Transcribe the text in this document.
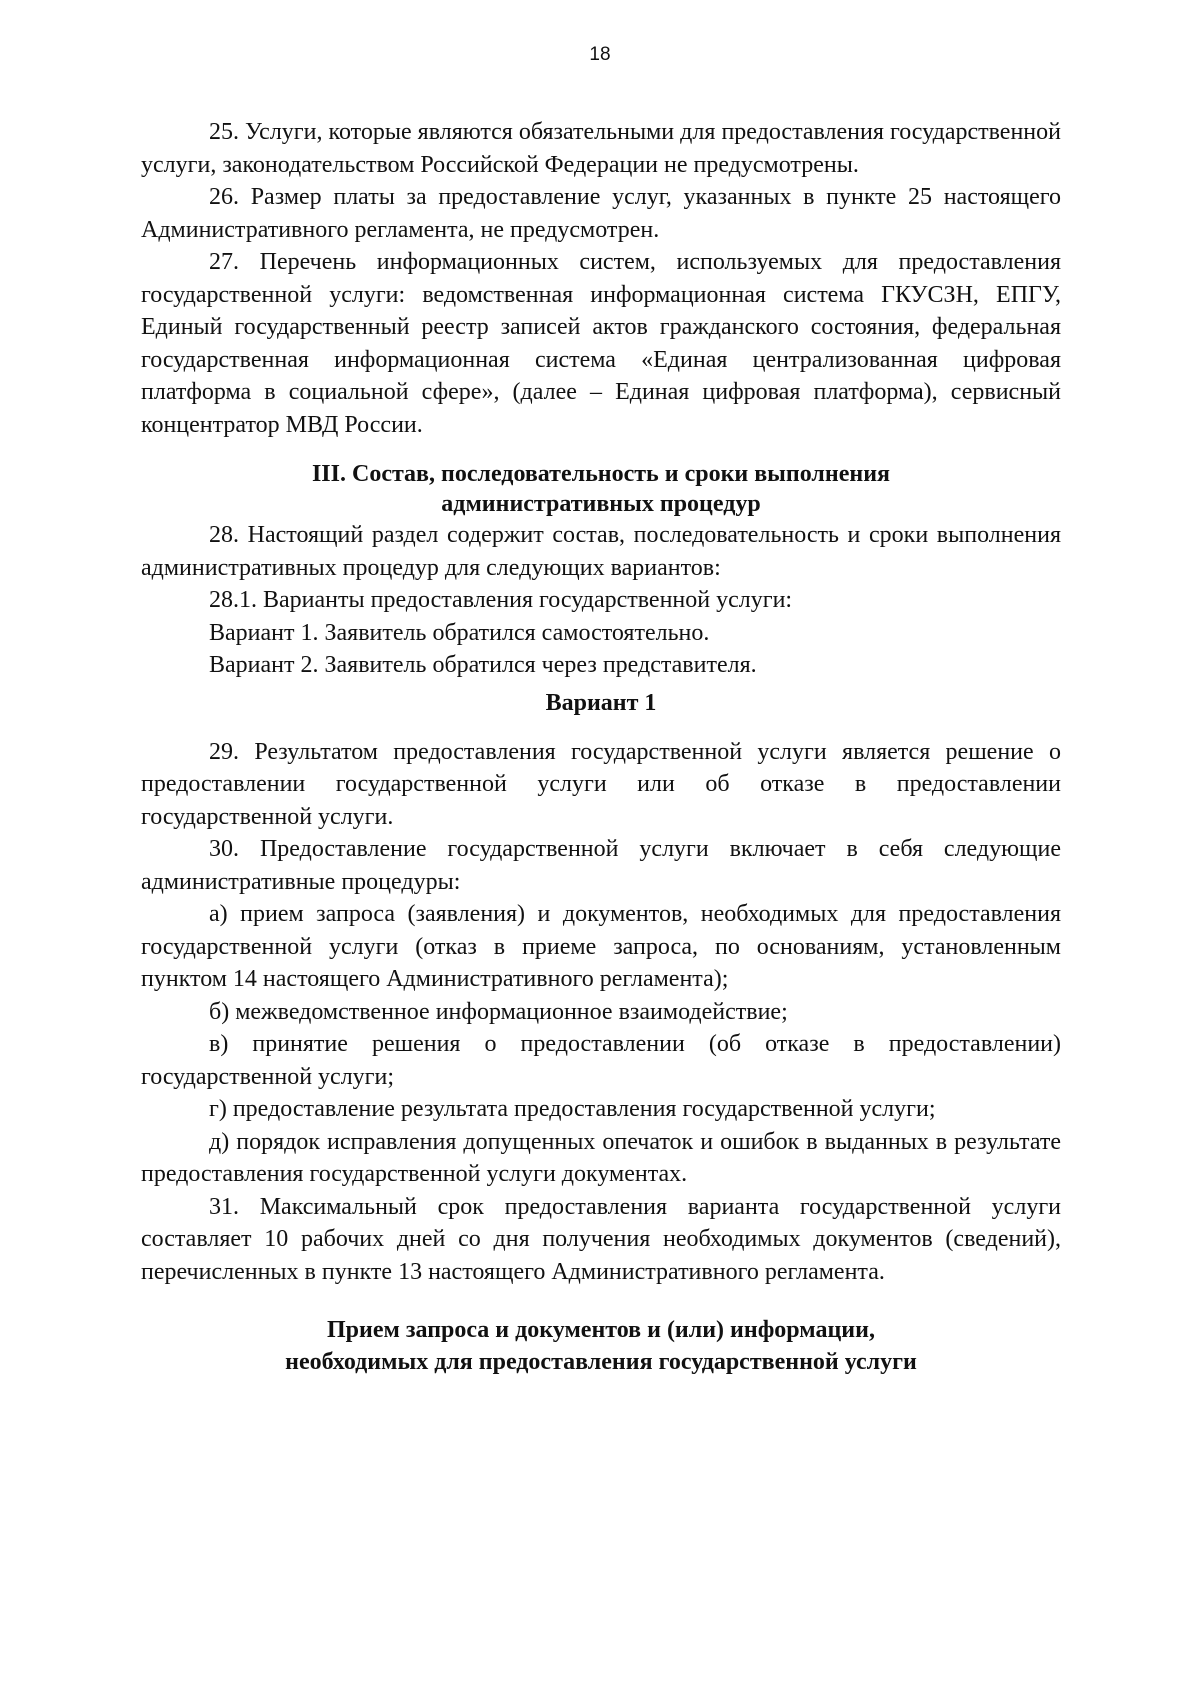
18

25. Услуги, которые являются обязательными для предоставления государственной услуги, законодательством Российской Федерации не предусмотрены.

26. Размер платы за предоставление услуг, указанных в пункте 25 настоящего Административного регламента, не предусмотрен.

27. Перечень информационных систем, используемых для предоставления государственной услуги: ведомственная информационная система ГКУСЗН, ЕПГУ, Единый государственный реестр записей актов гражданского состояния, федеральная государственная информационная система «Единая централизованная цифровая платформа в социальной сфере», (далее – Единая цифровая платформа), сервисный концентратор МВД России.

III. Состав, последовательность и сроки выполнения
административных процедур

28. Настоящий раздел содержит состав, последовательность и сроки выполнения административных процедур для следующих вариантов:

28.1. Варианты предоставления государственной услуги:

Вариант 1. Заявитель обратился самостоятельно.

Вариант 2. Заявитель обратился через представителя.

Вариант 1

29. Результатом предоставления государственной услуги является решение о предоставлении государственной услуги или об отказе в предоставлении государственной услуги.

30. Предоставление государственной услуги включает в себя следующие административные процедуры:

а) прием запроса (заявления) и документов, необходимых для предоставления государственной услуги (отказ в приеме запроса, по основаниям, установленным пунктом 14 настоящего Административного регламента);

б) межведомственное информационное взаимодействие;

в) принятие решения о предоставлении (об отказе в предоставлении) государственной услуги;

г) предоставление результата предоставления государственной услуги;

д) порядок исправления допущенных опечаток и ошибок в выданных в результате предоставления государственной услуги документах.

31. Максимальный срок предоставления варианта государственной услуги составляет 10 рабочих дней со дня получения необходимых документов (сведений), перечисленных в пункте 13 настоящего Административного регламента.

Прием запроса и документов и (или) информации,
необходимых для предоставления государственной услуги
